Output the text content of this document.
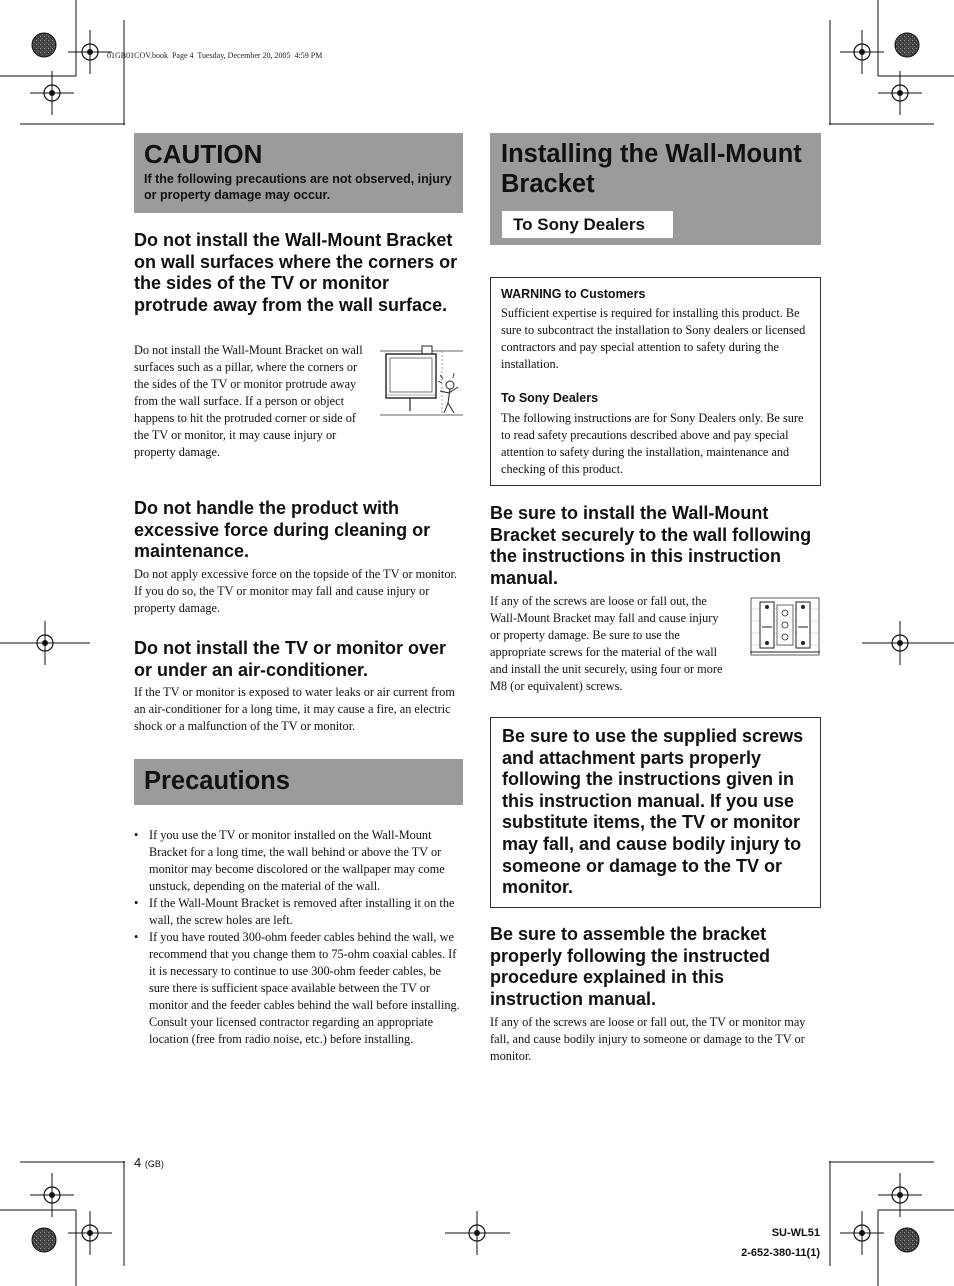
01GB01COV.book  Page 4  Tuesday, December 20, 2005  4:59 PM

CAUTION

If the following precautions are not observed, injury or property damage may occur.

Do not install the Wall-Mount Bracket on wall surfaces where the corners or the sides of the TV or monitor protrude away from the wall surface.

Do not install the Wall-Mount Bracket on wall surfaces such as a pillar, where the corners or the sides of the TV or monitor protrude away from the wall surface. If a person or object happens to hit the protruded corner or side of the TV or monitor, it may cause injury or property damage.

Do not handle the product with excessive force during cleaning or maintenance.

Do not apply excessive force on the topside of the TV or monitor. If you do so, the TV or monitor may fall and cause injury or property damage.

Do not install the TV or monitor over or under an air-conditioner.

If the TV or monitor is exposed to water leaks or air current from an air-conditioner for a long time, it may cause a fire, an electric shock or a malfunction of the TV or monitor.

Precautions

• If you use the TV or monitor installed on the Wall-Mount Bracket for a long time, the wall behind or above the TV or monitor may become discolored or the wallpaper may come unstuck, depending on the material of the wall.
• If the Wall-Mount Bracket is removed after installing it on the wall, the screw holes are left.
• If you have routed 300-ohm feeder cables behind the wall, we recommend that you change them to 75-ohm coaxial cables. If it is necessary to continue to use 300-ohm feeder cables, be sure there is sufficient space available between the TV or monitor and the feeder cables behind the wall before installing. Consult your licensed contractor regarding an appropriate location (free from radio noise, etc.) before installing.

Installing the Wall-Mount Bracket

To Sony Dealers

WARNING to Customers

Sufficient expertise is required for installing this product. Be sure to subcontract the installation to Sony dealers or licensed contractors and pay special attention to safety during the installation.

To Sony Dealers

The following instructions are for Sony Dealers only. Be sure to read safety precautions described above and pay special attention to safety during the installation, maintenance and checking of this product.

Be sure to install the Wall-Mount Bracket securely to the wall following the instructions in this instruction manual.

If any of the screws are loose or fall out, the Wall-Mount Bracket may fall and cause injury or property damage. Be sure to use the appropriate screws for the material of the wall and install the unit securely, using four or more M8 (or equivalent) screws.

Be sure to use the supplied screws and attachment parts properly following the instructions given in this instruction manual. If you use substitute items, the TV or monitor may fall, and cause bodily injury to someone or damage to the TV or monitor.

Be sure to assemble the bracket properly following the instructed procedure explained in this instruction manual.

If any of the screws are loose or fall out, the TV or monitor may fall, and cause bodily injury to someone or damage to the TV or monitor.

4 (GB)
SU-WL51
2-652-380-11(1)
